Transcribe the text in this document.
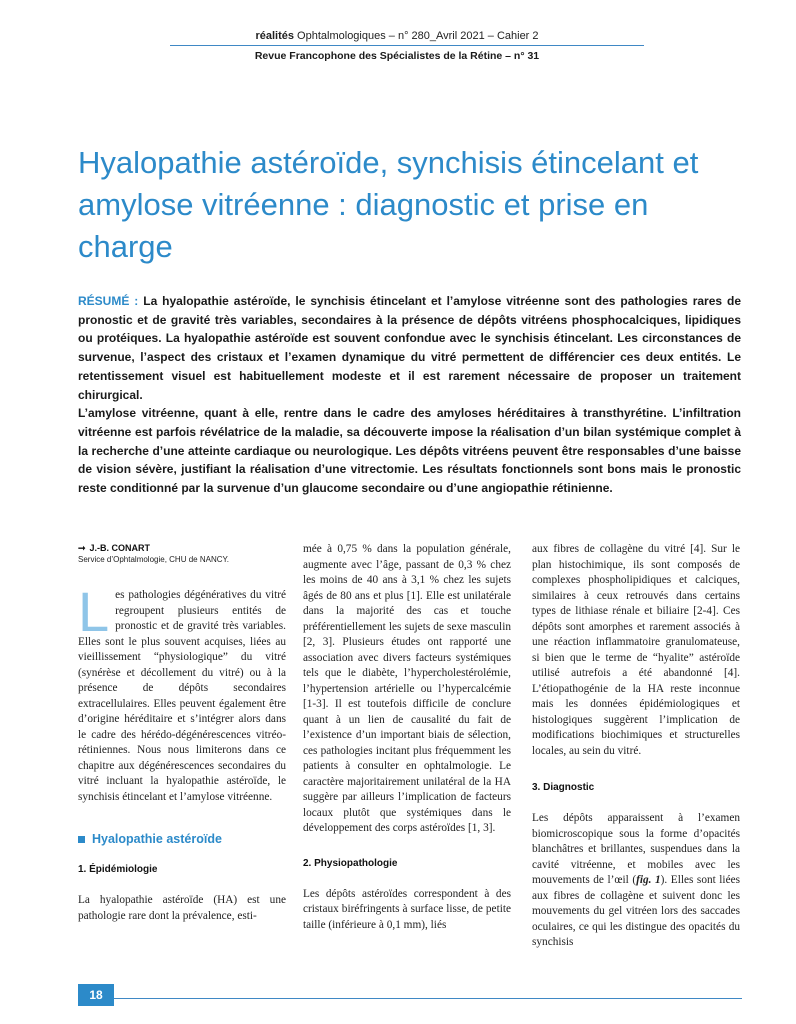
réalités Ophtalmologiques – n° 280_Avril 2021 – Cahier 2
Revue Francophone des Spécialistes de la Rétine – n° 31
Hyalopathie astéroïde, synchisis étincelant et amylose vitréenne : diagnostic et prise en charge

RÉSUMÉ : La hyalopathie astéroïde, le synchisis étincelant et l’amylose vitréenne sont des pathologies rares de pronostic et de gravité très variables, secondaires à la présence de dépôts vitréens phosphocalciques, lipidiques ou protéiques. La hyalopathie astéroïde est souvent confondue avec le synchisis étincelant. Les circonstances de survenue, l’aspect des cristaux et l’examen dynamique du vitré permettent de différencier ces deux entités. Le retentissement visuel est habituellement modeste et il est rarement nécessaire de proposer un traitement chirurgical.

L’amylose vitréenne, quant à elle, rentre dans le cadre des amyloses héréditaires à transthyrétine. L’infiltration vitréenne est parfois révélatrice de la maladie, sa découverte impose la réalisation d’un bilan systémique complet à la recherche d’une atteinte cardiaque ou neurologique. Les dépôts vitréens peuvent être responsables d’une baisse de vision sévère, justifiant la réalisation d’une vitrectomie. Les résultats fonctionnels sont bons mais le pronostic reste conditionné par la survenue d’un glaucome secondaire ou d’une angiopathie rétinienne.

➞ J.-B. CONART
Service d’Ophtalmologie, CHU de NANCY.

Les pathologies dégénératives du vitré regroupent plusieurs entités de pronostic et de gravité très variables. Elles sont le plus souvent acquises, liées au vieillissement “physiologique” du vitré (synérèse et décollement du vitré) ou à la présence de dépôts secondaires extracellulaires. Elles peuvent également être d’origine héréditaire et s’intégrer alors dans le cadre des hérédo-dégénérescences vitréo-rétiniennes. Nous nous limiterons dans ce chapitre aux dégénérescences secondaires du vitré incluant la hyalopathie astéroïde, le synchisis étincelant et l’amylose vitréenne.

Hyalopathie astéroïde
1. Épidémiologie

La hyalopathie astéroïde (HA) est une pathologie rare dont la prévalence, esti-

mée à 0,75 % dans la population générale, augmente avec l’âge, passant de 0,3 % chez les moins de 40 ans à 3,1 % chez les sujets âgés de 80 ans et plus [1]. Elle est unilatérale dans la majorité des cas et touche préférentiellement les sujets de sexe masculin [2, 3]. Plusieurs études ont rapporté une association avec divers facteurs systémiques tels que le diabète, l’hypercholestérolémie, l’hypertension artérielle ou l’hypercalcémie [1-3]. Il est toutefois difficile de conclure quant à un lien de causalité du fait de l’existence d’un important biais de sélection, ces pathologies incitant plus fréquemment les patients à consulter en ophtalmologie. Le caractère majoritairement unilatéral de la HA suggère par ailleurs l’implication de facteurs locaux plutôt que systémiques dans le développement des corps astéroïdes [1, 3].

2. Physiopathologie

Les dépôts astéroïdes correspondent à des cristaux biréfringents à surface lisse, de petite taille (inférieure à 0,1 mm), liés

aux fibres de collagène du vitré [4]. Sur le plan histochimique, ils sont composés de complexes phospholipidiques et calciques, similaires à ceux retrouvés dans certains types de lithiase rénale et biliaire [2-4]. Ces dépôts sont amorphes et rarement associés à une réaction inflammatoire granulomateuse, si bien que le terme de “hyalite” astéroïde utilisé autrefois a été abandonné [4]. L’étiopathogénie de la HA reste inconnue mais les données épidémiologiques et histologiques suggèrent l’implication de modifications biochimiques et structurelles locales, au sein du vitré.

3. Diagnostic

Les dépôts apparaissent à l’examen biomicroscopique sous la forme d’opacités blanchâtres et brillantes, suspendues dans la cavité vitréenne, et mobiles avec les mouvements de l’œil (fig. 1). Elles sont liées aux fibres de collagène et suivent donc les mouvements du gel vitréen lors des saccades oculaires, ce qui les distingue des opacités du synchisis

18
